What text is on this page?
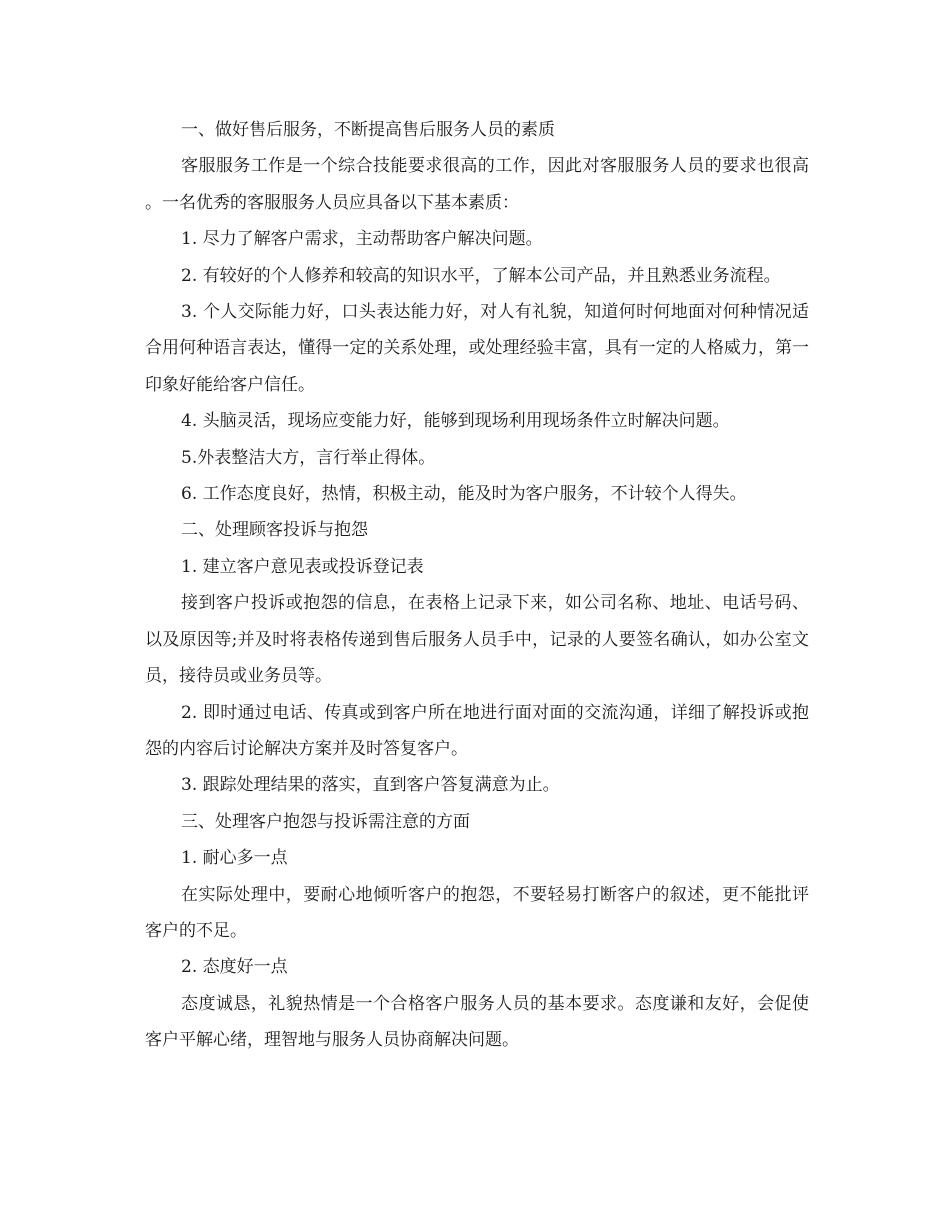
一、做好售后服务，不断提高售后服务人员的素质

客服服务工作是一个综合技能要求很高的工作，因此对客服服务人员的要求也很高。一名优秀的客服服务人员应具备以下基本素质：

1. 尽力了解客户需求，主动帮助客户解决问题。

2. 有较好的个人修养和较高的知识水平，了解本公司产品，并且熟悉业务流程。

3. 个人交际能力好，口头表达能力好，对人有礼貌，知道何时何地面对何种情况适合用何种语言表达，懂得一定的关系处理，或处理经验丰富，具有一定的人格威力，第一印象好能给客户信任。

4. 头脑灵活，现场应变能力好，能够到现场利用现场条件立时解决问题。

5.外表整洁大方，言行举止得体。

6. 工作态度良好，热情，积极主动，能及时为客户服务，不计较个人得失。

二、处理顾客投诉与抱怨

1. 建立客户意见表或投诉登记表

接到客户投诉或抱怨的信息，在表格上记录下来，如公司名称、地址、电话号码、以及原因等;并及时将表格传递到售后服务人员手中，记录的人要签名确认，如办公室文员，接待员或业务员等。

2. 即时通过电话、传真或到客户所在地进行面对面的交流沟通，详细了解投诉或抱怨的内容后讨论解决方案并及时答复客户。

3. 跟踪处理结果的落实，直到客户答复满意为止。

三、处理客户抱怨与投诉需注意的方面

1. 耐心多一点

在实际处理中，要耐心地倾听客户的抱怨，不要轻易打断客户的叙述，更不能批评客户的不足。

2. 态度好一点

态度诚恳，礼貌热情是一个合格客户服务人员的基本要求。态度谦和友好，会促使客户平解心绪，理智地与服务人员协商解决问题。
